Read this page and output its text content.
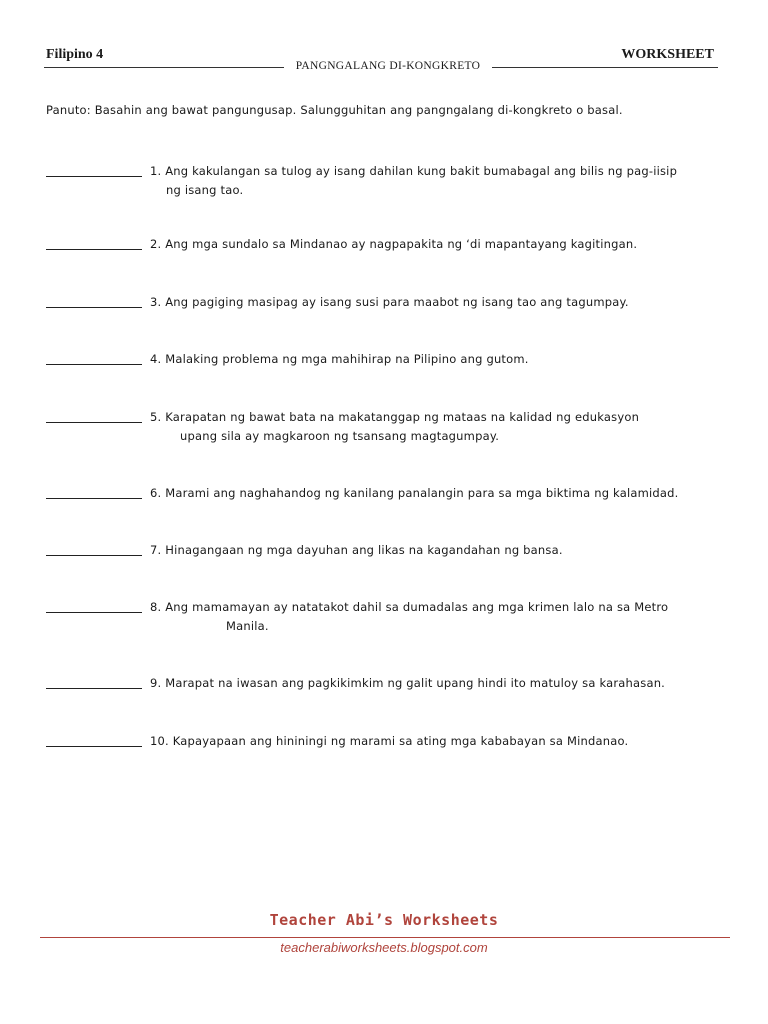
Filipino 4
PANGNGALANG DI-KONGKRETO
WORKSHEET
Panuto: Basahin ang bawat pangungusap. Salungguhitan ang pangngalang di-kongkreto o basal.
1. Ang kakulangan sa tulog ay isang dahilan kung bakit bumabagal ang bilis ng pag-iisip
ng isang tao.
2. Ang mga sundalo sa Mindanao ay nagpapakita ng ‘di mapantayang kagitingan.
3. Ang pagiging masipag ay isang susi para maabot ng isang tao ang tagumpay.
4. Malaking problema ng mga mahihirap na Pilipino ang gutom.
5. Karapatan ng bawat bata na makatanggap ng mataas na kalidad ng edukasyon
upang sila ay magkaroon ng tsansang magtagumpay.
6. Marami ang naghahandog ng kanilang panalangin para sa mga biktima ng kalamidad.
7. Hinagangaan ng mga dayuhan ang likas na kagandahan ng bansa.
8. Ang mamamayan ay natatakot dahil sa dumadalas ang mga krimen lalo na sa Metro
Manila.
9. Marapat na iwasan ang pagkikimkim ng galit upang hindi ito matuloy sa karahasan.
10. Kapayapaan ang hininingi ng marami sa ating mga kababayan sa Mindanao.
Teacher Abi’s Worksheets
teacherabiworksheets.blogspot.com
